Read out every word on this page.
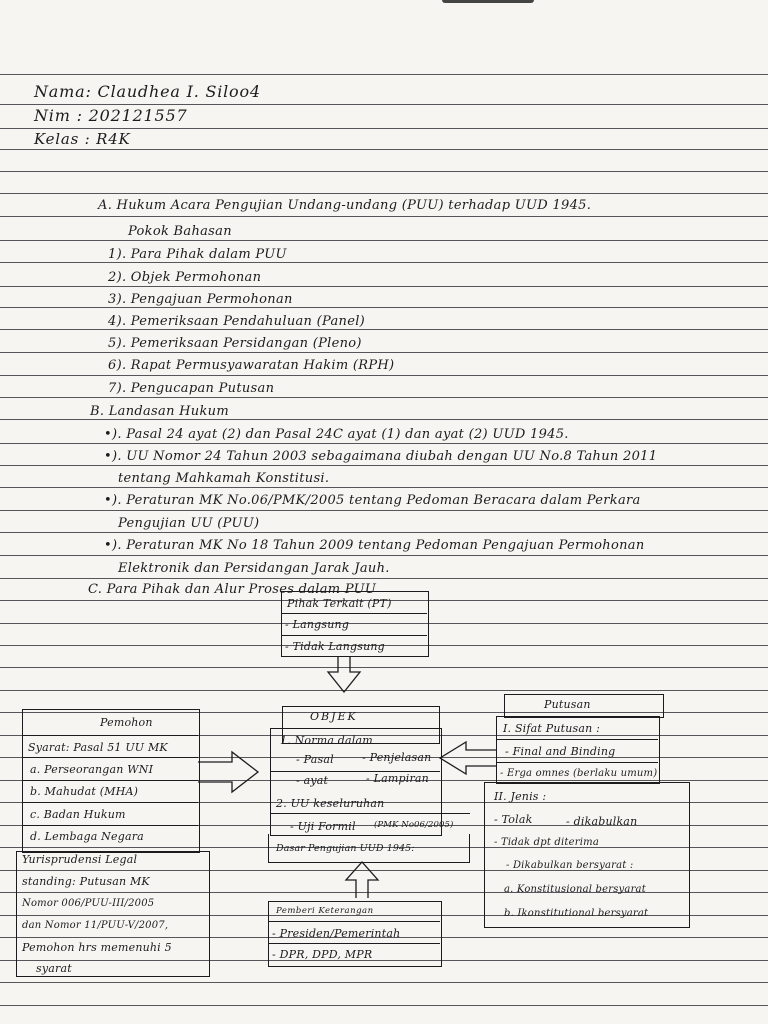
Nama: Claudhea I. Siloo4
Nim : 202121557
Kelas : R4K
A. Hukum Acara Pengujian Undang-undang (PUU) terhadap UUD 1945.
Pokok Bahasan
1). Para Pihak dalam PUU
2). Objek Permohonan
3). Pengajuan Permohonan
4). Pemeriksaan Pendahuluan (Panel)
5). Pemeriksaan Persidangan (Pleno)
6). Rapat Permusyawaratan Hakim (RPH)
7). Pengucapan Putusan
B. Landasan Hukum
•). Pasal 24 ayat (2) dan Pasal 24C ayat (1) dan ayat (2) UUD 1945.
•). UU Nomor 24 Tahun 2003 sebagaimana diubah dengan UU No.8 Tahun 2011
tentang Mahkamah Konstitusi.
•). Peraturan MK No.06/PMK/2005 tentang Pedoman Beracara dalam Perkara
Pengujian UU (PUU)
•). Peraturan MK No 18 Tahun 2009 tentang Pedoman Pengajuan Permohonan
Elektronik dan Persidangan Jarak Jauh.
C. Para Pihak dan Alur Proses dalam PUU
Pihak Terkait (PT)
- Langsung
- Tidak Langsung
Pemohon
Syarat: Pasal 51 UU MK
a. Perseorangan WNI
b. Mahudat (MHA)
c. Badan Hukum
d. Lembaga Negara
Yurisprudensi Legal
standing: Putusan MK
Nomor 006/PUU-III/2005
dan Nomor 11/PUU-V/2007,
Pemohon hrs memenuhi 5
syarat
OBJEK
1. Norma dalam
- Pasal	- Penjelasan
- ayat	- Lampiran
2. UU keseluruhan
- Uji Formil (PMK No06/2005)
Dasar Pengujian UUD 1945:
Putusan
I. Sifat Putusan :
- Final and Binding
- Erga omnes (berlaku umum)
II. Jenis :
- Tolak	- dikabulkan
- Tidak dpt diterima
- Dikabulkan bersyarat :
a. Konstitusional bersyarat
b. Ikonstitutional bersyarat
Pemberi Keterangan
- Presiden/Pemerintah
- DPR, DPD, MPR
